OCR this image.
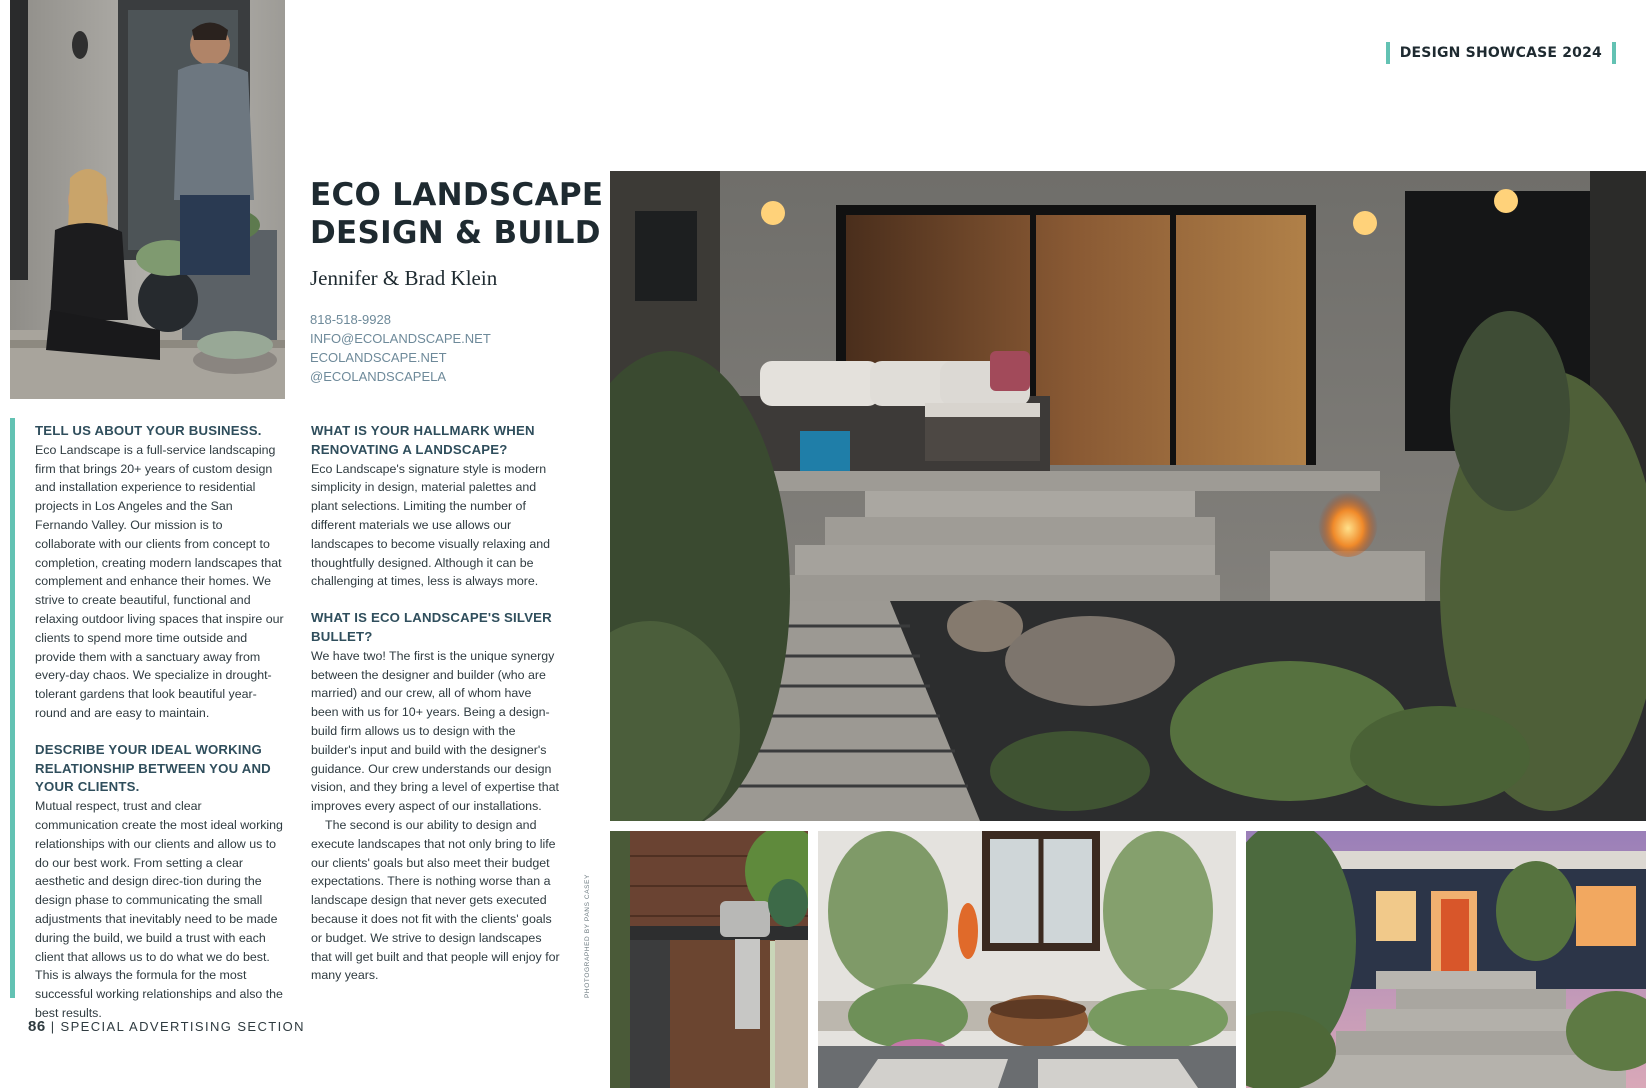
DESIGN SHOWCASE 2024
ECO LANDSCAPE
DESIGN & BUILD
Jennifer & Brad Klein
818-518-9928
INFO@ECOLANDSCAPE.NET
ECOLANDSCAPE.NET
@ECOLANDSCAPELA
TELL US ABOUT YOUR BUSINESS.

Eco Landscape is a full-service landscaping firm that brings 20+ years of custom design and installation experience to residential projects in Los Angeles and the San Fernando Valley. Our mission is to collaborate with our clients from concept to completion, creating modern landscapes that complement and enhance their homes. We strive to create beautiful, functional and relaxing outdoor living spaces that inspire our clients to spend more time outside and provide them with a sanctuary away from every-day chaos. We specialize in drought-tolerant gardens that look beautiful year-round and are easy to maintain.

DESCRIBE YOUR IDEAL WORKING RELATIONSHIP BETWEEN YOU AND YOUR CLIENTS.

Mutual respect, trust and clear communication create the most ideal working relationships with our clients and allow us to do our best work. From setting a clear aesthetic and design direc-tion during the design phase to communicating the small adjustments that inevitably need to be made during the build, we build a trust with each client that allows us to do what we do best. This is always the formula for the most successful working relationships and also the best results.

WHAT IS YOUR HALLMARK WHEN RENOVATING A LANDSCAPE?

Eco Landscape's signature style is modern simplicity in design, material palettes and plant selections. Limiting the number of different materials we use allows our landscapes to become visually relaxing and thoughtfully designed. Although it can be challenging at times, less is always more.

WHAT IS ECO LANDSCAPE'S SILVER BULLET?

We have two! The first is the unique synergy between the designer and builder (who are married) and our crew, all of whom have been with us for 10+ years. Being a design-build firm allows us to design with the builder's input and build with the designer's guidance. Our crew understands our design vision, and they bring a level of expertise that improves every aspect of our installations.

The second is our ability to design and execute landscapes that not only bring to life our clients' goals but also meet their budget expectations. There is nothing worse than a landscape design that never gets executed because it does not fit with the clients' goals or budget. We strive to design landscapes that will get built and that people will enjoy for many years.	PHOTOGRAPHED BY PANS CASEY
86 | SPECIAL ADVERTISING SECTION
